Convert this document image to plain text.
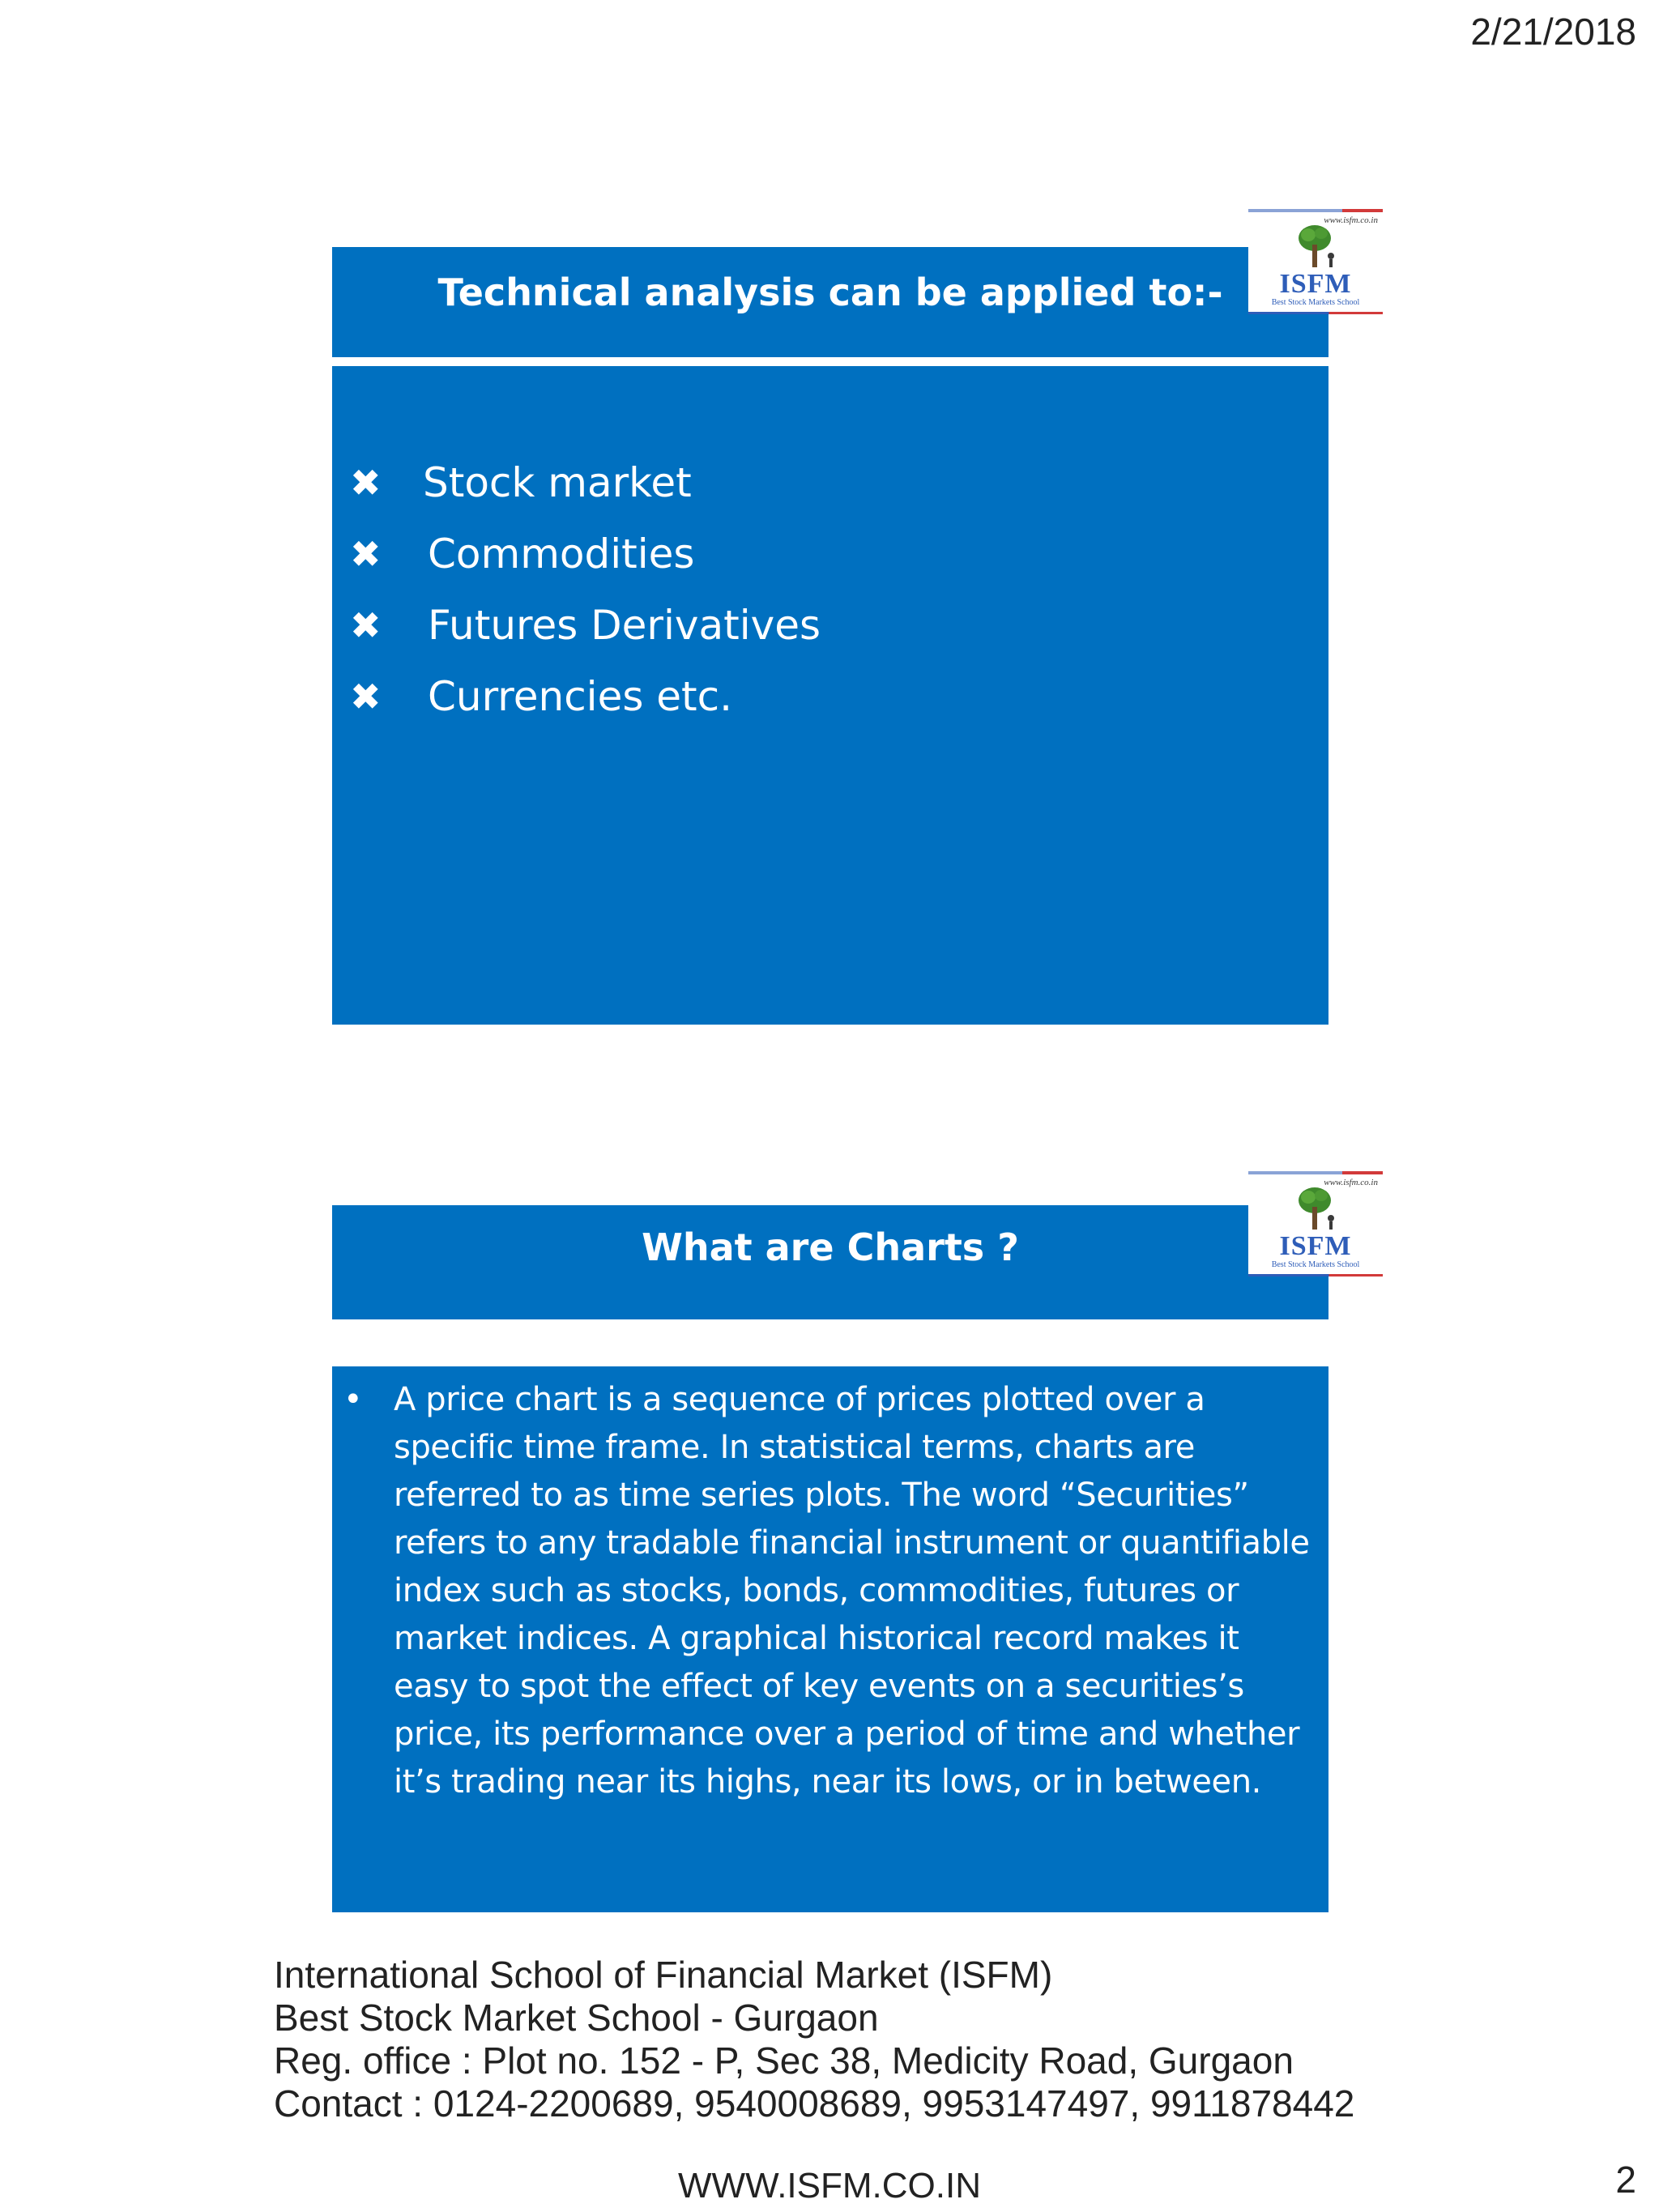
2/21/2018
Technical analysis can be applied to:-
✖	Stock market
✖	Commodities
✖	Futures Derivatives
✖	Currencies etc.
www.isfm.co.in
ISFM
Best Stock Markets School
What are Charts ?
• A price chart is a sequence of prices plotted over a specific time frame. In statistical terms, charts are referred to as time series plots. The word “Securities” refers to any tradable financial instrument or quantifiable index such as stocks, bonds, commodities, futures or market indices. A graphical historical record makes it easy to spot the effect of key events on a securities’s price, its performance over a period of time and whether it’s trading near its highs, near its lows, or in between.
www.isfm.co.in
ISFM
Best Stock Markets School
International School of Financial Market (ISFM)
Best Stock Market School - Gurgaon
Reg. office : Plot no. 152 - P, Sec 38, Medicity Road, Gurgaon
Contact : 0124-2200689, 9540008689, 9953147497, 9911878442
WWW.ISFM.CO.IN	2
